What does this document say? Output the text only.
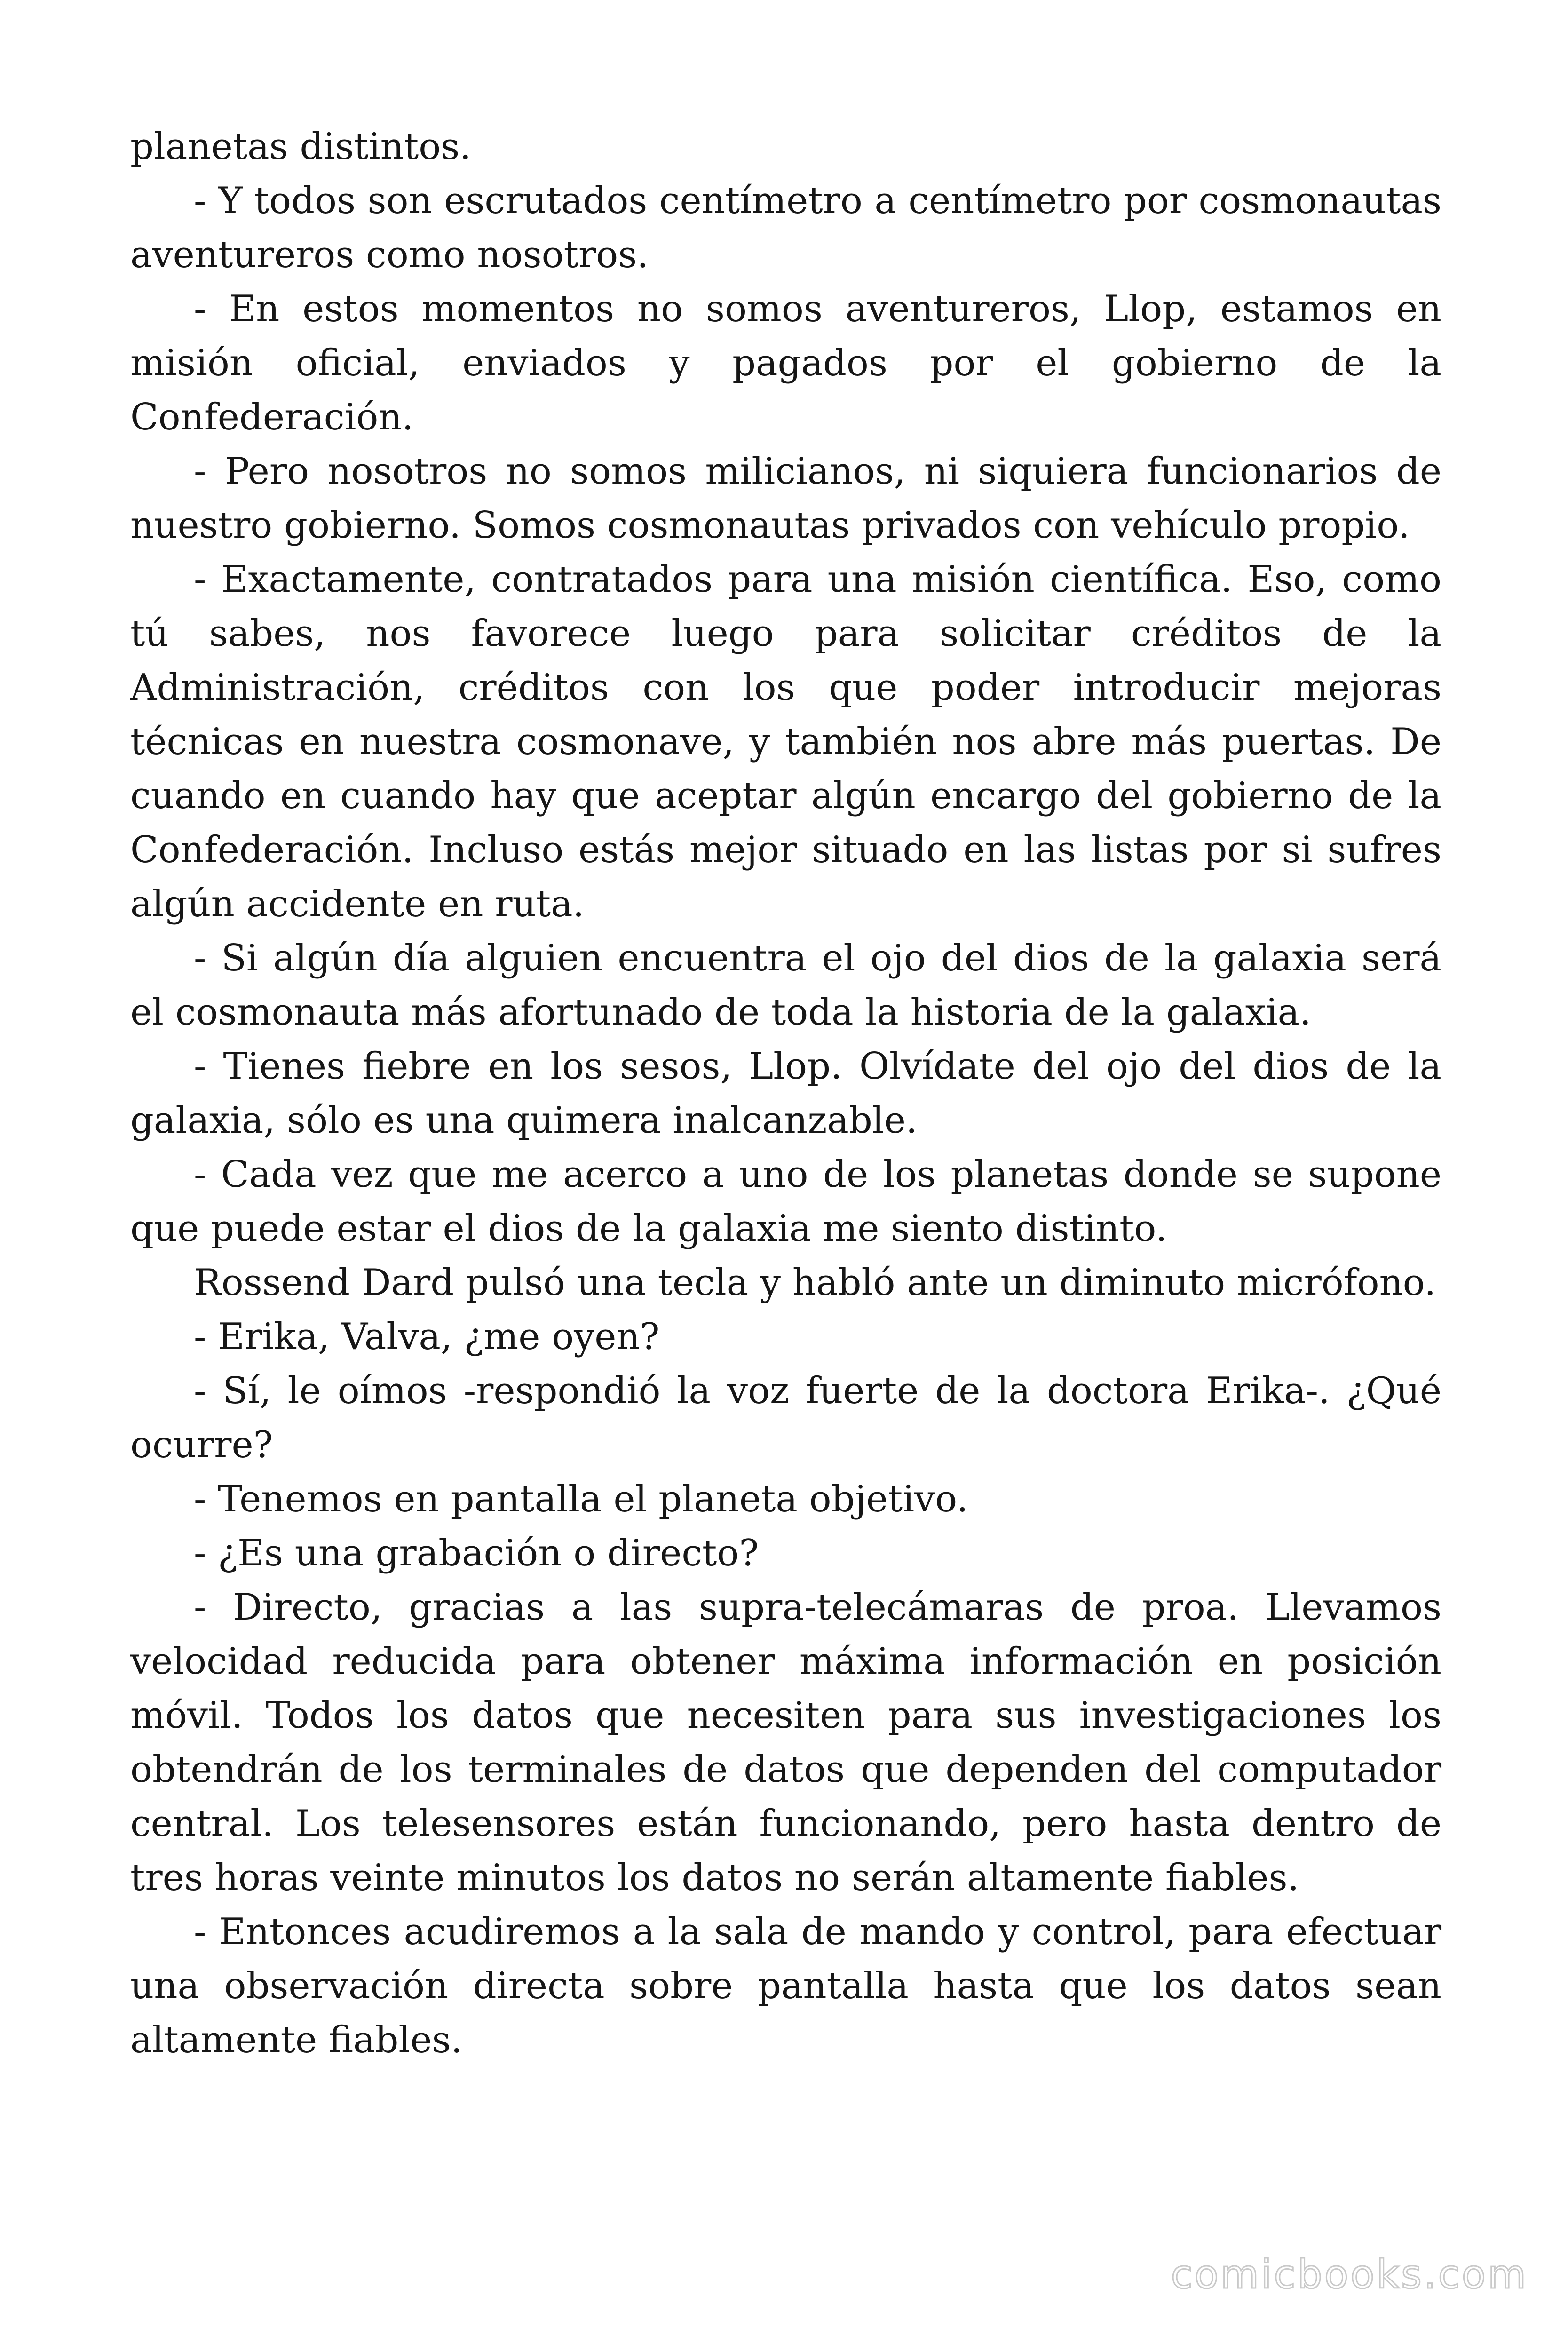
planetas distintos.

- Y todos son escrutados centímetro a centímetro por cosmonautas aventureros como nosotros.

- En estos momentos no somos aventureros, Llop, estamos en misión oficial, enviados y pagados por el gobierno de la Confederación.

- Pero nosotros no somos milicianos, ni siquiera funcionarios de nuestro gobierno. Somos cosmonautas privados con vehículo propio.

- Exactamente, contratados para una misión científica. Eso, como tú sabes, nos favorece luego para solicitar créditos de la Administración, créditos con los que poder introducir mejoras técnicas en nuestra cosmonave, y también nos abre más puertas. De cuando en cuando hay que aceptar algún encargo del gobierno de la Confederación. Incluso estás mejor situado en las listas por si sufres algún accidente en ruta.

- Si algún día alguien encuentra el ojo del dios de la galaxia será el cosmonauta más afortunado de toda la historia de la galaxia.

- Tienes fiebre en los sesos, Llop. Olvídate del ojo del dios de la galaxia, sólo es una quimera inalcanzable.

- Cada vez que me acerco a uno de los planetas donde se supone que puede estar el dios de la galaxia me siento distinto.

Rossend Dard pulsó una tecla y habló ante un diminuto micrófono.

- Erika, Valva, ¿me oyen?

- Sí, le oímos -respondió la voz fuerte de la doctora Erika-. ¿Qué ocurre?

- Tenemos en pantalla el planeta objetivo.

- ¿Es una grabación o directo?

- Directo, gracias a las supra-telecámaras de proa. Llevamos velocidad reducida para obtener máxima información en posición móvil. Todos los datos que necesiten para sus investigaciones los obtendrán de los terminales de datos que dependen del computador central. Los telesensores están funcionando, pero hasta dentro de tres horas veinte minutos los datos no serán altamente fiables.

- Entonces acudiremos a la sala de mando y control, para efectuar una observación directa sobre pantalla hasta que los datos sean altamente fiables.

comicbooks.com
